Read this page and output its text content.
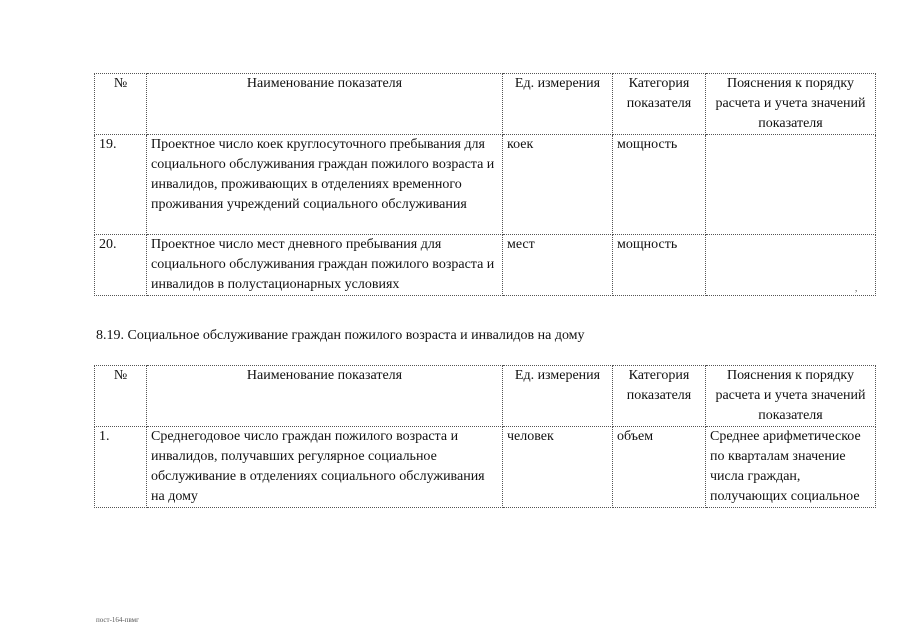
№	Наименование показателя	Ед. измерения	Категория показателя	Пояснения к порядку расчета и учета значений показателя
19.	Проектное число коек круглосуточного пребывания для социального обслуживания граждан пожилого возраста и инвалидов, проживающих в отделениях временного проживания учреждений социального обслуживания	коек	мощность	
20.	Проектное число мест дневного пребывания для социального обслуживания граждан пожилого возраста и инвалидов в полустационарных условиях	мест	мощность	
,
8.19. Социальное обслуживание граждан пожилого возраста и инвалидов на дому
№	Наименование показателя	Ед. измерения	Категория показателя	Пояснения к порядку расчета и учета значений показателя
1.	Среднегодовое число граждан пожилого возраста и инвалидов, получавших регулярное социальное обслуживание в отделениях социального обслуживания на дому	человек	объем	Среднее арифметическое по кварталам значение числа граждан, получающих социальное
пост-164-пвмг
